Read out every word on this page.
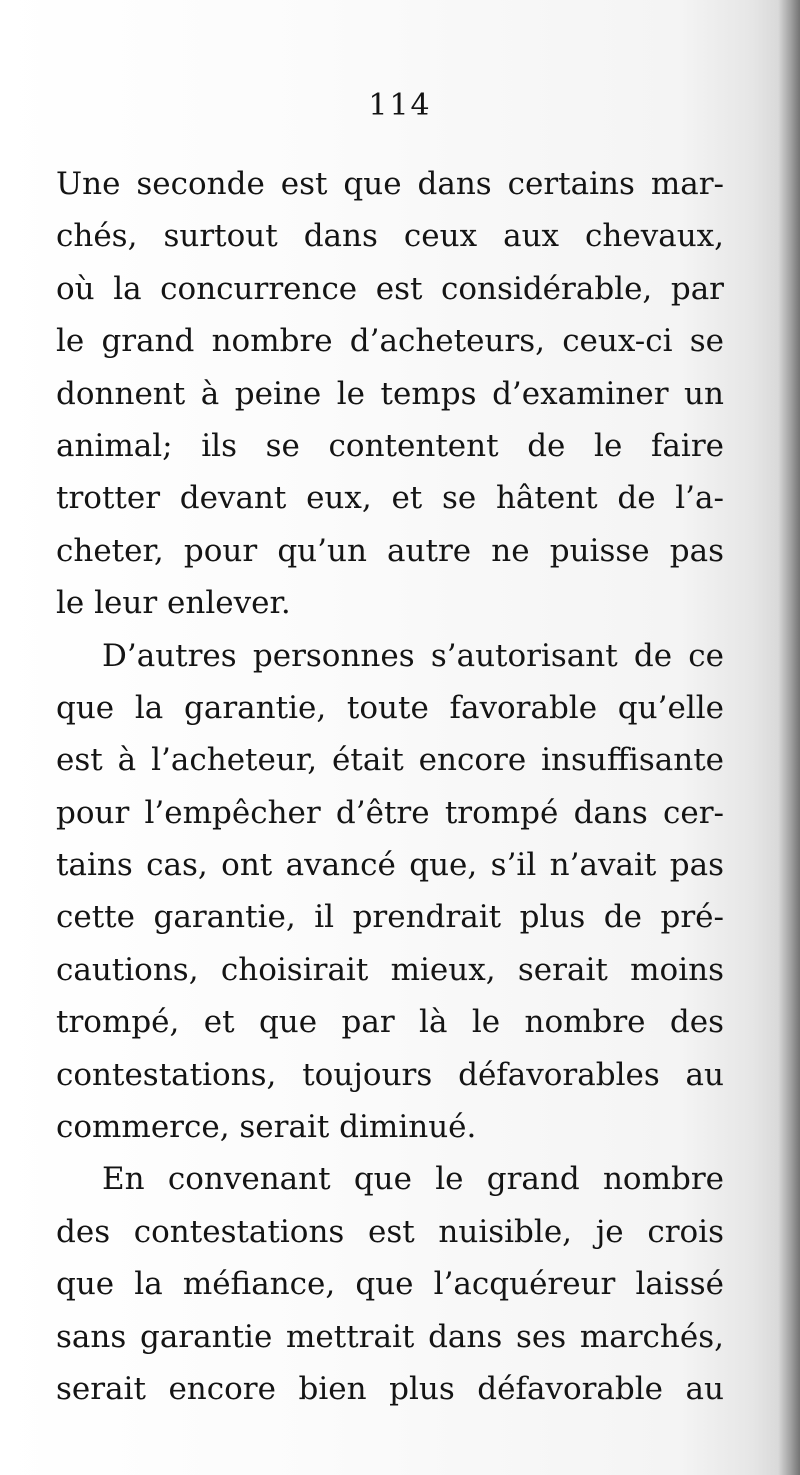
114
Une seconde est que dans certains mar-
chés, surtout dans ceux aux chevaux,
où la concurrence est considérable, par
le grand nombre d’acheteurs, ceux-ci se
donnent à peine le temps d’examiner un
animal; ils se contentent de le faire
trotter devant eux, et se hâtent de l’a-
cheter, pour qu’un autre ne puisse pas
le leur enlever.
D’autres personnes s’autorisant de ce
que la garantie, toute favorable qu’elle
est à l’acheteur, était encore insuffisante
pour l’empêcher d’être trompé dans cer-
tains cas, ont avancé que, s’il n’avait pas
cette garantie, il prendrait plus de pré-
cautions, choisirait mieux, serait moins
trompé, et que par là le nombre des
contestations, toujours défavorables au
commerce, serait diminué.
En convenant que le grand nombre
des contestations est nuisible, je crois
que la méfiance, que l’acquéreur laissé
sans garantie mettrait dans ses marchés,
serait encore bien plus défavorable au
